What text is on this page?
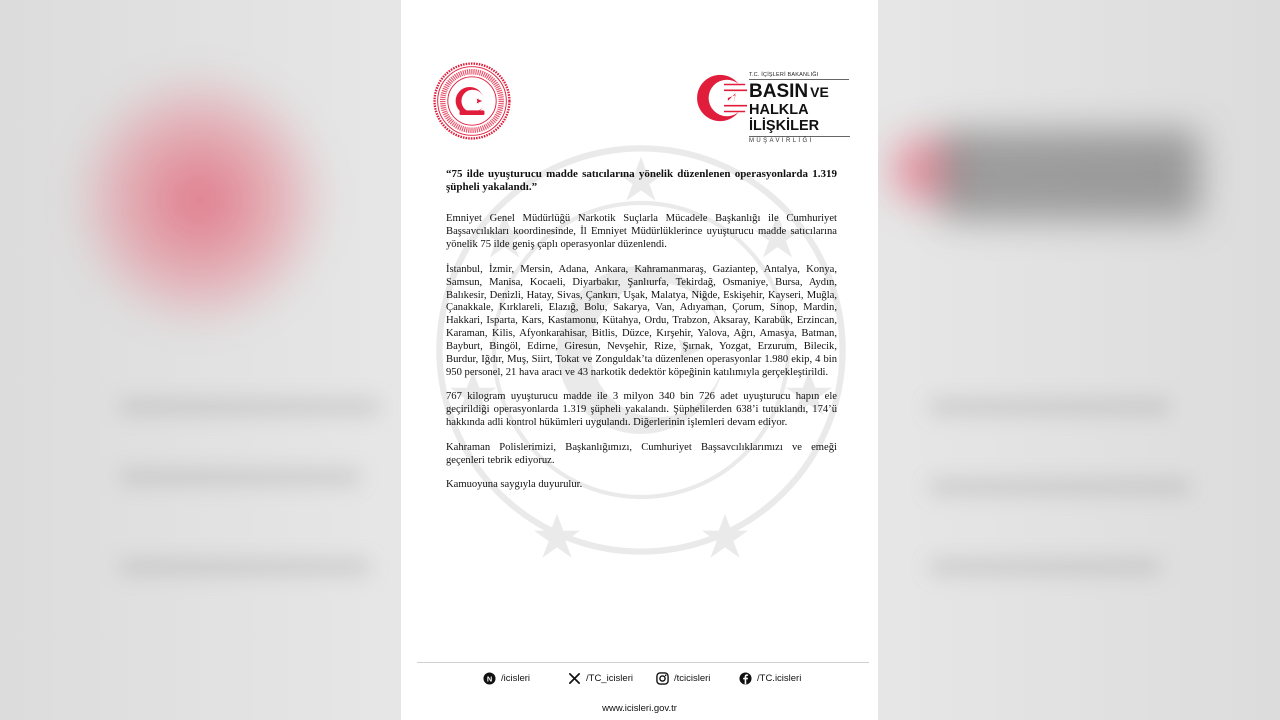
T.C. İÇİŞLERİ BAKANLIĞI
BASIN VE
HALKLA İLİŞKİLER
MÜŞAVİRLİĞİ

“75 ilde uyuşturucu madde satıcılarına yönelik düzenlenen operasyonlarda 1.319 şüpheli yakalandı.”

Emniyet Genel Müdürlüğü Narkotik Suçlarla Mücadele Başkanlığı ile Cumhuriyet Başsavcılıkları koordinesinde, İl Emniyet Müdürlüklerince uyuşturucu madde satıcılarına yönelik 75 ilde geniş çaplı operasyonlar düzenlendi.

İstanbul, İzmir, Mersin, Adana, Ankara, Kahramanmaraş, Gaziantep, Antalya, Konya, Samsun, Manisa, Kocaeli, Diyarbakır, Şanlıurfa, Tekirdağ, Osmaniye, Bursa, Aydın, Balıkesir, Denizli, Hatay, Sivas, Çankırı, Uşak, Malatya, Niğde, Eskişehir, Kayseri, Muğla, Çanakkale, Kırklareli, Elazığ, Bolu, Sakarya, Van, Adıyaman, Çorum, Sinop, Mardin, Hakkari, Isparta, Kars, Kastamonu, Kütahya, Ordu, Trabzon, Aksaray, Karabük, Erzincan, Karaman, Kilis, Afyonkarahisar, Bitlis, Düzce, Kırşehir, Yalova, Ağrı, Amasya, Batman, Bayburt, Bingöl, Edirne, Giresun, Nevşehir, Rize, Şırnak, Yozgat, Erzurum, Bilecik, Burdur, Iğdır, Muş, Siirt, Tokat ve Zonguldak’ta düzenlenen operasyonlar 1.980 ekip, 4 bin 950 personel, 21 hava aracı ve 43 narkotik dedektör köpeğinin katılımıyla gerçekleştirildi.

767 kilogram uyuşturucu madde ile 3 milyon 340 bin 726 adet uyuşturucu hapın ele geçirildiği operasyonlarda 1.319 şüpheli yakalandı. Şüphelilerden 638’i tutuklandı, 174’ü hakkında adli kontrol hükümleri uygulandı. Diğerlerinin işlemleri devam ediyor.

Kahraman Polislerimizi, Başkanlığımızı, Cumhuriyet Başsavcılıklarımızı ve emeği geçenleri tebrik ediyoruz.

Kamuoyuna saygıyla duyurulur.

N /icisleri	/TC_icisleri	/tcicisleri	/TC.icisleri
www.icisleri.gov.tr
